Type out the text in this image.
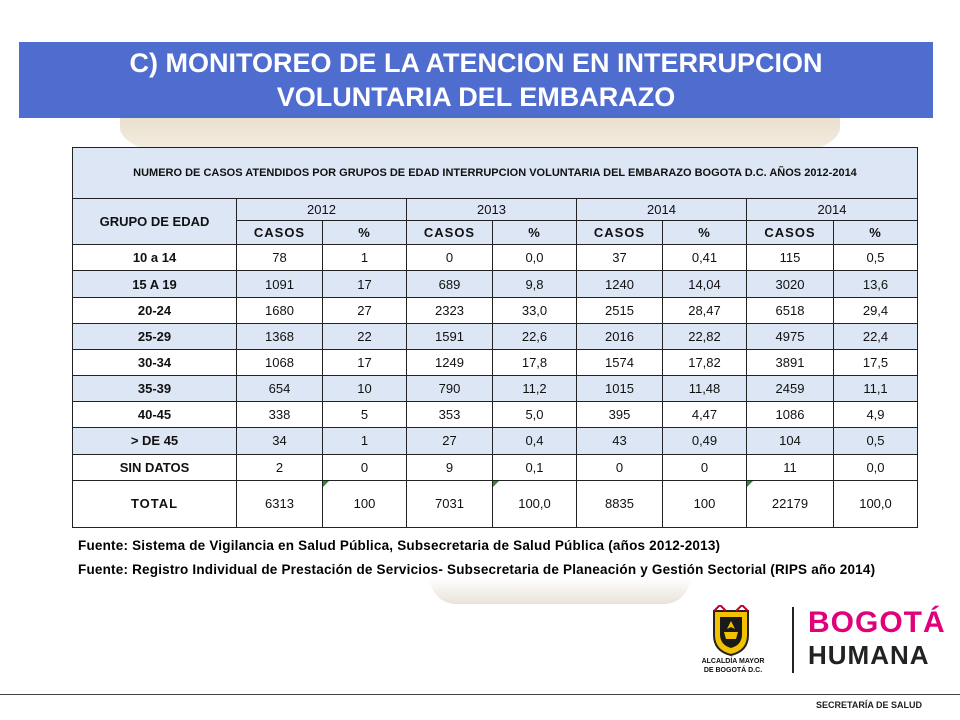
C) MONITOREO DE LA ATENCION EN INTERRUPCION
VOLUNTARIA DEL EMBARAZO
NUMERO DE CASOS ATENDIDOS POR GRUPOS DE EDAD INTERRUPCION VOLUNTARIA DEL EMBARAZO BOGOTA D.C. AÑOS 2012-2014								
GRUPO DE EDAD	2012		2013		2014		2014	
	CASOS	%	CASOS	%	CASOS	%	CASOS	%
10 a 14	78	1	0	0,0	37	0,41	115	0,5
15 A 19	1091	17	689	9,8	1240	14,04	3020	13,6
20-24	1680	27	2323	33,0	2515	28,47	6518	29,4
25-29	1368	22	1591	22,6	2016	22,82	4975	22,4
30-34	1068	17	1249	17,8	1574	17,82	3891	17,5
35-39	654	10	790	11,2	1015	11,48	2459	11,1
40-45	338	5	353	5,0	395	4,47	1086	4,9
> DE 45	34	1	27	0,4	43	0,49	104	0,5
SIN DATOS	2	0	9	0,1	0	0	11	0,0
TOTAL	6313	100	7031	100,0	8835	100	22179	100,0
Fuente: Sistema de Vigilancia en Salud Pública, Subsecretaria de Salud Pública (años 2012-2013)
Fuente: Registro Individual de Prestación de Servicios- Subsecretaria de Planeación y Gestión Sectorial (RIPS año 2014)
ALCALDÍA MAYOR
DE BOGOTÁ D.C.
BOGOTÁ
HUMANA
SECRETARÍA DE SALUD
